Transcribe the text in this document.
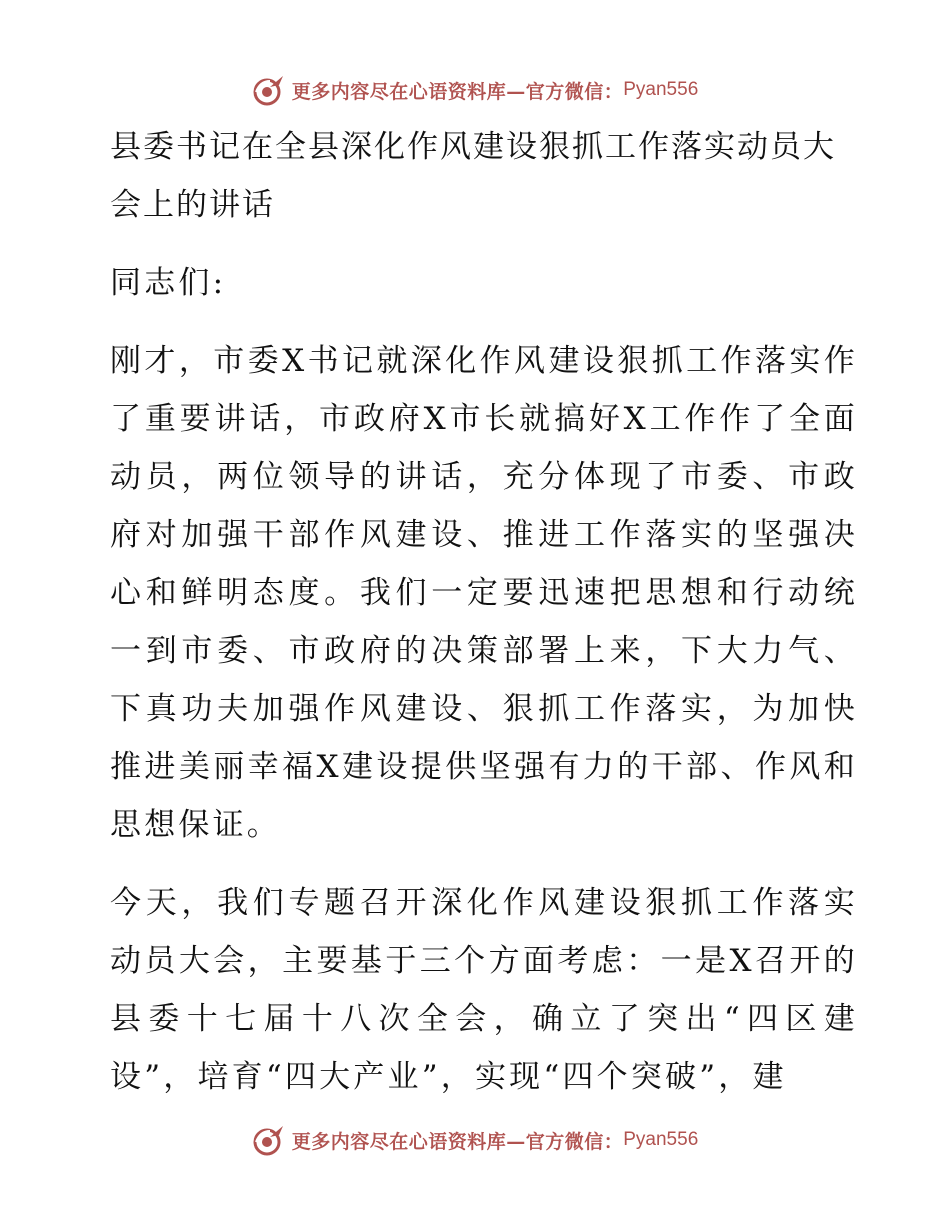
更多内容尽在心语资料库—官方微信： Pyan556
县委书记在全县深化作风建设狠抓工作落实动员大会上的讲话
同志们:
刚才，市委X书记就深化作风建设狠抓工作落实作了重要讲话，市政府X市长就搞好X工作作了全面动员，两位领导的讲话，充分体现了市委、市政府对加强干部作风建设、推进工作落实的坚强决心和鲜明态度。我们一定要迅速把思想和行动统一到市委、市政府的决策部署上来，下大力气、下真功夫加强作风建设、狠抓工作落实，为加快推进美丽幸福X建设提供坚强有力的干部、作风和思想保证。
今天，我们专题召开深化作风建设狠抓工作落实动员大会，主要基于三个方面考虑：一是X召开的县委十七届十八次全会，确立了突出“四区建设”，培育“四大产业”，实现“四个突破”，建
更多内容尽在心语资料库—官方微信： Pyan556
